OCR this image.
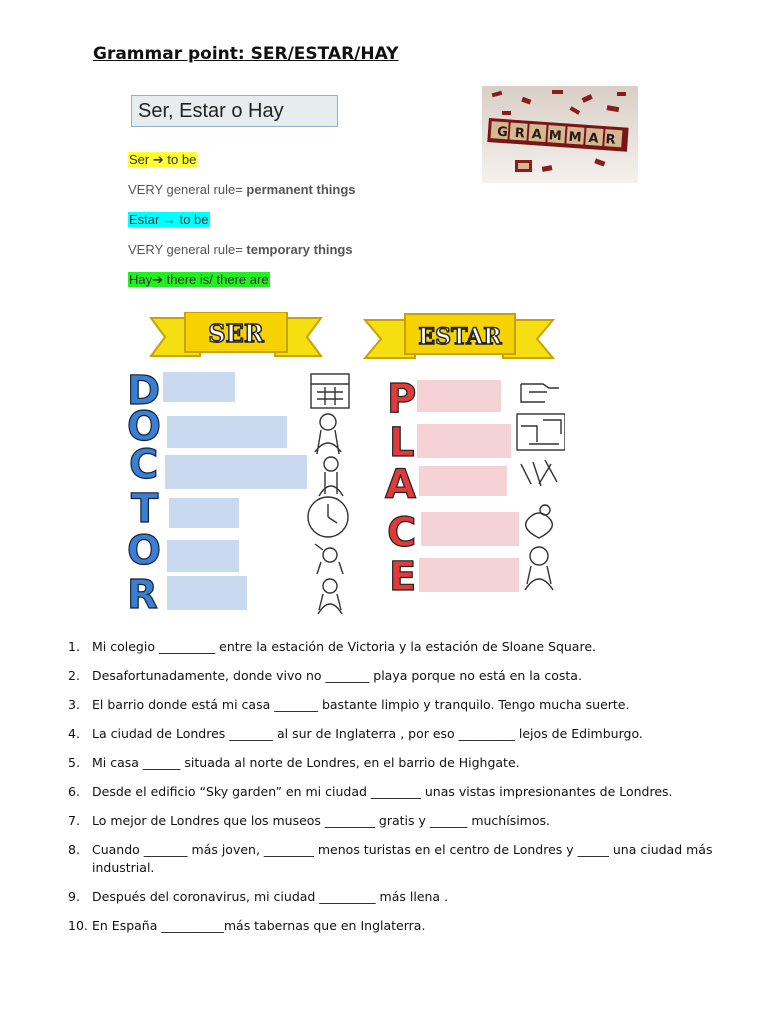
Grammar point: SER/ESTAR/HAY
Ser, Estar o Hay
Ser ➔ to be
VERY general rule= permanent things
Estar → to be
VERY general rule= temporary things
Hay➔ there is/ there are
GRAMMAR
SER	ESTAR
D
O
C
T
O
R
P
L
A
C
E
1. Mi colegio _________ entre la estación de Victoria y la estación de Sloane Square.
2. Desafortunadamente, donde vivo no _______ playa porque no está en la costa.
3. El barrio donde está mi casa _______ bastante limpio y tranquilo. Tengo mucha suerte.
4. La ciudad de Londres _______ al sur de Inglaterra , por eso _________ lejos de Edimburgo.
5. Mi casa ______ situada al norte de Londres, en el barrio de Highgate.
6. Desde el edificio “Sky garden” en mi ciudad ________ unas vistas impresionantes de Londres.
7. Lo mejor de Londres que los museos ________ gratis y ______ muchísimos.
8. Cuando _______ más joven, ________ menos turistas en el centro de Londres y _____ una ciudad más industrial.
9. Después del coronavirus, mi ciudad _________ más llena .
10. En España __________más tabernas que en Inglaterra.
